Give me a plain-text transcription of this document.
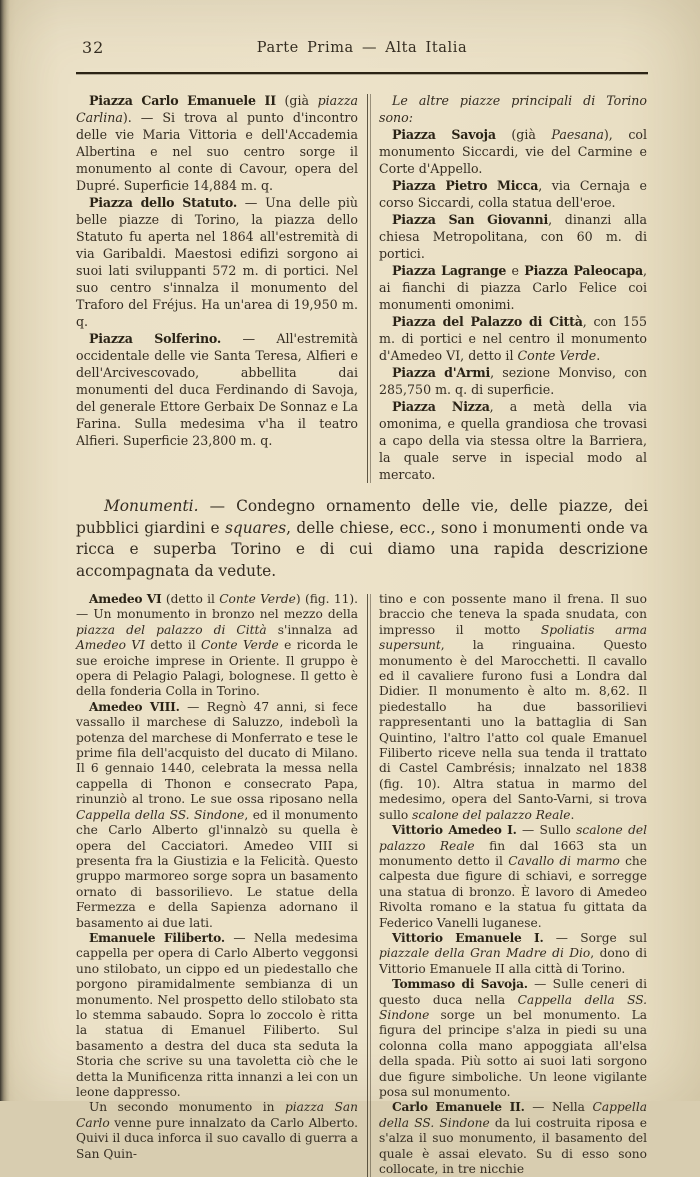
32	Parte Prima — Alta Italia

Piazza Carlo Emanuele II (già piazza Carlina). — Si trova al punto d'incontro delle vie Maria Vittoria e dell'Accademia Albertina e nel suo centro sorge il monumento al conte di Cavour, opera del Dupré. Superficie 14,884 m. q.

Piazza dello Statuto. — Una delle più belle piazze di Torino, la piazza dello Statuto fu aperta nel 1864 all'estremità di via Garibaldi. Maestosi edifizi sorgono ai suoi lati sviluppanti 572 m. di portici. Nel suo centro s'innalza il monumento del Traforo del Fréjus. Ha un'area di 19,950 m. q.

Piazza Solferino. — All'estremità occidentale delle vie Santa Teresa, Alfieri e dell'Arcivescovado, abbellita dai monumenti del duca Ferdinando di Savoja, del generale Ettore Gerbaix De Sonnaz e La Farina. Sulla medesima v'ha il teatro Alfieri. Superficie 23,800 m. q.

Le altre piazze principali di Torino sono:

Piazza Savoja (già Paesana), col monumento Siccardi, vie del Carmine e Corte d'Appello.

Piazza Pietro Micca, via Cernaja e corso Siccardi, colla statua dell'eroe.

Piazza San Giovanni, dinanzi alla chiesa Metropolitana, con 60 m. di portici.

Piazza Lagrange e Piazza Paleocapa, ai fianchi di piazza Carlo Felice coi monumenti omonimi.

Piazza del Palazzo di Città, con 155 m. di portici e nel centro il monumento d'Amedeo VI, detto il Conte Verde.

Piazza d'Armi, sezione Monviso, con 285,750 m. q. di superficie.

Piazza Nizza, a metà della via omonima, e quella grandiosa che trovasi a capo della via stessa oltre la Barriera, la quale serve in ispecial modo al mercato.

Monumenti. — Condegno ornamento delle vie, delle piazze, dei pubblici giardini e squares, delle chiese, ecc., sono i monumenti onde va ricca e superba Torino e di cui diamo una rapida descrizione accompagnata da vedute.

Amedeo VI (detto il Conte Verde) (fig. 11). — Un monumento in bronzo nel mezzo della piazza del palazzo di Città s'innalza ad Amedeo VI detto il Conte Verde e ricorda le sue eroiche imprese in Oriente. Il gruppo è opera di Pelagio Palagi, bolognese. Il getto è della fonderia Colla in Torino.

Amedeo VIII. — Regnò 47 anni, si fece vassallo il marchese di Saluzzo, indebolì la potenza del marchese di Monferrato e tese le prime fila dell'acquisto del ducato di Milano. Il 6 gennaio 1440, celebrata la messa nella cappella di Thonon e consecrato Papa, rinunziò al trono. Le sue ossa riposano nella Cappella della SS. Sindone, ed il monumento che Carlo Alberto gl'innalzò su quella è opera del Cacciatori. Amedeo VIII si presenta fra la Giustizia e la Felicità. Questo gruppo marmoreo sorge sopra un basamento ornato di bassorilievo. Le statue della Fermezza e della Sapienza adornano il basamento ai due lati.

Emanuele Filiberto. — Nella medesima cappella per opera di Carlo Alberto veggonsi uno stilobato, un cippo ed un piedestallo che porgono piramidalmente sembianza di un monumento. Nel prospetto dello stilobato sta lo stemma sabaudo. Sopra lo zoccolo è ritta la statua di Emanuel Filiberto. Sul basamento a destra del duca sta seduta la Storia che scrive su una tavoletta ciò che le detta la Munificenza ritta innanzi a lei con un leone dappresso.

Un secondo monumento in piazza San Carlo venne pure innalzato da Carlo Alberto. Quivi il duca inforca il suo cavallo di guerra a San Quin-

tino e con possente mano il frena. Il suo braccio che teneva la spada snudata, con impresso il motto Spoliatis arma supersunt, la ringuaina. Questo monumento è del Marocchetti. Il cavallo ed il cavaliere furono fusi a Londra dal Didier. Il monumento è alto m. 8,62. Il piedestallo ha due bassorilievi rappresentanti uno la battaglia di San Quintino, l'altro l'atto col quale Emanuel Filiberto riceve nella sua tenda il trattato di Castel Cambrésis; innalzato nel 1838 (fig. 10). Altra statua in marmo del medesimo, opera del Santo-Varni, si trova sullo scalone del palazzo Reale.

Vittorio Amedeo I. — Sullo scalone del palazzo Reale fin dal 1663 sta un monumento detto il Cavallo di marmo che calpesta due figure di schiavi, e sorregge una statua di bronzo. È lavoro di Amedeo Rivolta romano e la statua fu gittata da Federico Vanelli luganese.

Vittorio Emanuele I. — Sorge sul piazzale della Gran Madre di Dio, dono di Vittorio Emanuele II alla città di Torino.

Tommaso di Savoja. — Sulle ceneri di questo duca nella Cappella della SS. Sindone sorge un bel monumento. La figura del principe s'alza in piedi su una colonna colla mano appoggiata all'elsa della spada. Più sotto ai suoi lati sorgono due figure simboliche. Un leone vigilante posa sul monumento.

Carlo Emanuele II. — Nella Cappella della SS. Sindone da lui costruita riposa e s'alza il suo monumento, il basamento del quale è assai elevato. Su di esso sono collocate, in tre nicchie
